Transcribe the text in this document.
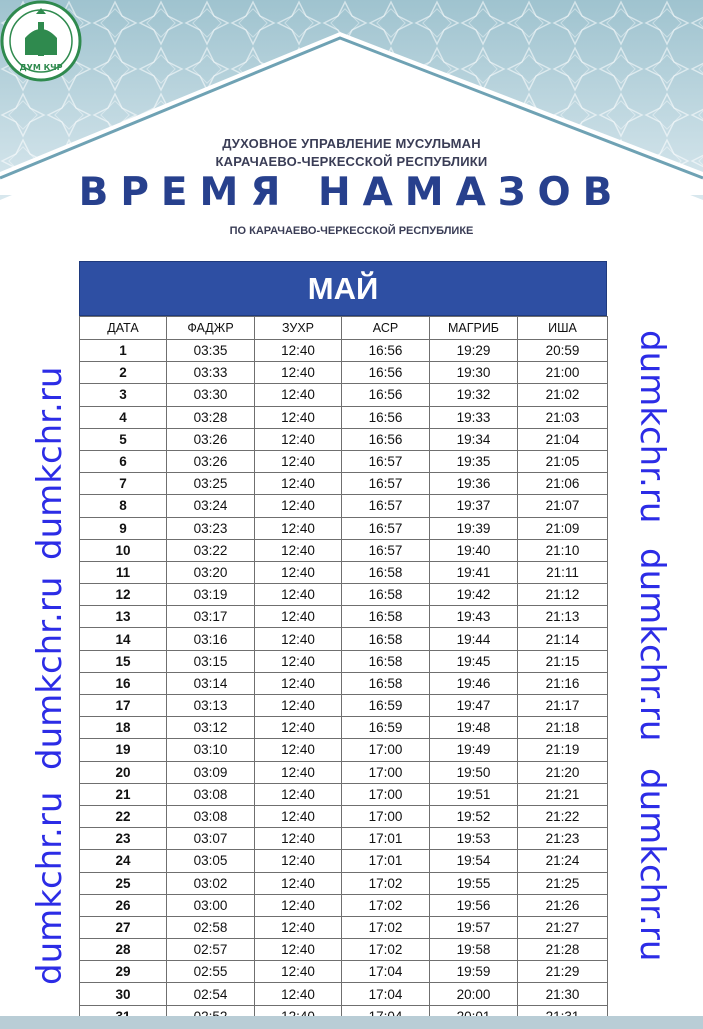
ДУМ КЧР
ДУХОВНОЕ УПРАВЛЕНИЕ МУСУЛЬМАН
КАРАЧАЕВО-ЧЕРКЕССКОЙ РЕСПУБЛИКИ
ВРЕМЯ НАМАЗОВ
ПО КАРАЧАЕВО-ЧЕРКЕССКОЙ РЕСПУБЛИКЕ
dumkchr.ru
dumkchr.ru
dumkchr.ru
dumkchr.ru
dumkchr.ru
dumkchr.ru
МАЙ
ДАТА	ФАДЖР	ЗУХР	АСР	МАГРИБ	ИША
1	03:35	12:40	16:56	19:29	20:59
2	03:33	12:40	16:56	19:30	21:00
3	03:30	12:40	16:56	19:32	21:02
4	03:28	12:40	16:56	19:33	21:03
5	03:26	12:40	16:56	19:34	21:04
6	03:26	12:40	16:57	19:35	21:05
7	03:25	12:40	16:57	19:36	21:06
8	03:24	12:40	16:57	19:37	21:07
9	03:23	12:40	16:57	19:39	21:09
10	03:22	12:40	16:57	19:40	21:10
11	03:20	12:40	16:58	19:41	21:11
12	03:19	12:40	16:58	19:42	21:12
13	03:17	12:40	16:58	19:43	21:13
14	03:16	12:40	16:58	19:44	21:14
15	03:15	12:40	16:58	19:45	21:15
16	03:14	12:40	16:58	19:46	21:16
17	03:13	12:40	16:59	19:47	21:17
18	03:12	12:40	16:59	19:48	21:18
19	03:10	12:40	17:00	19:49	21:19
20	03:09	12:40	17:00	19:50	21:20
21	03:08	12:40	17:00	19:51	21:21
22	03:08	12:40	17:00	19:52	21:22
23	03:07	12:40	17:01	19:53	21:23
24	03:05	12:40	17:01	19:54	21:24
25	03:02	12:40	17:02	19:55	21:25
26	03:00	12:40	17:02	19:56	21:26
27	02:58	12:40	17:02	19:57	21:27
28	02:57	12:40	17:02	19:58	21:28
29	02:55	12:40	17:04	19:59	21:29
30	02:54	12:40	17:04	20:00	21:30
